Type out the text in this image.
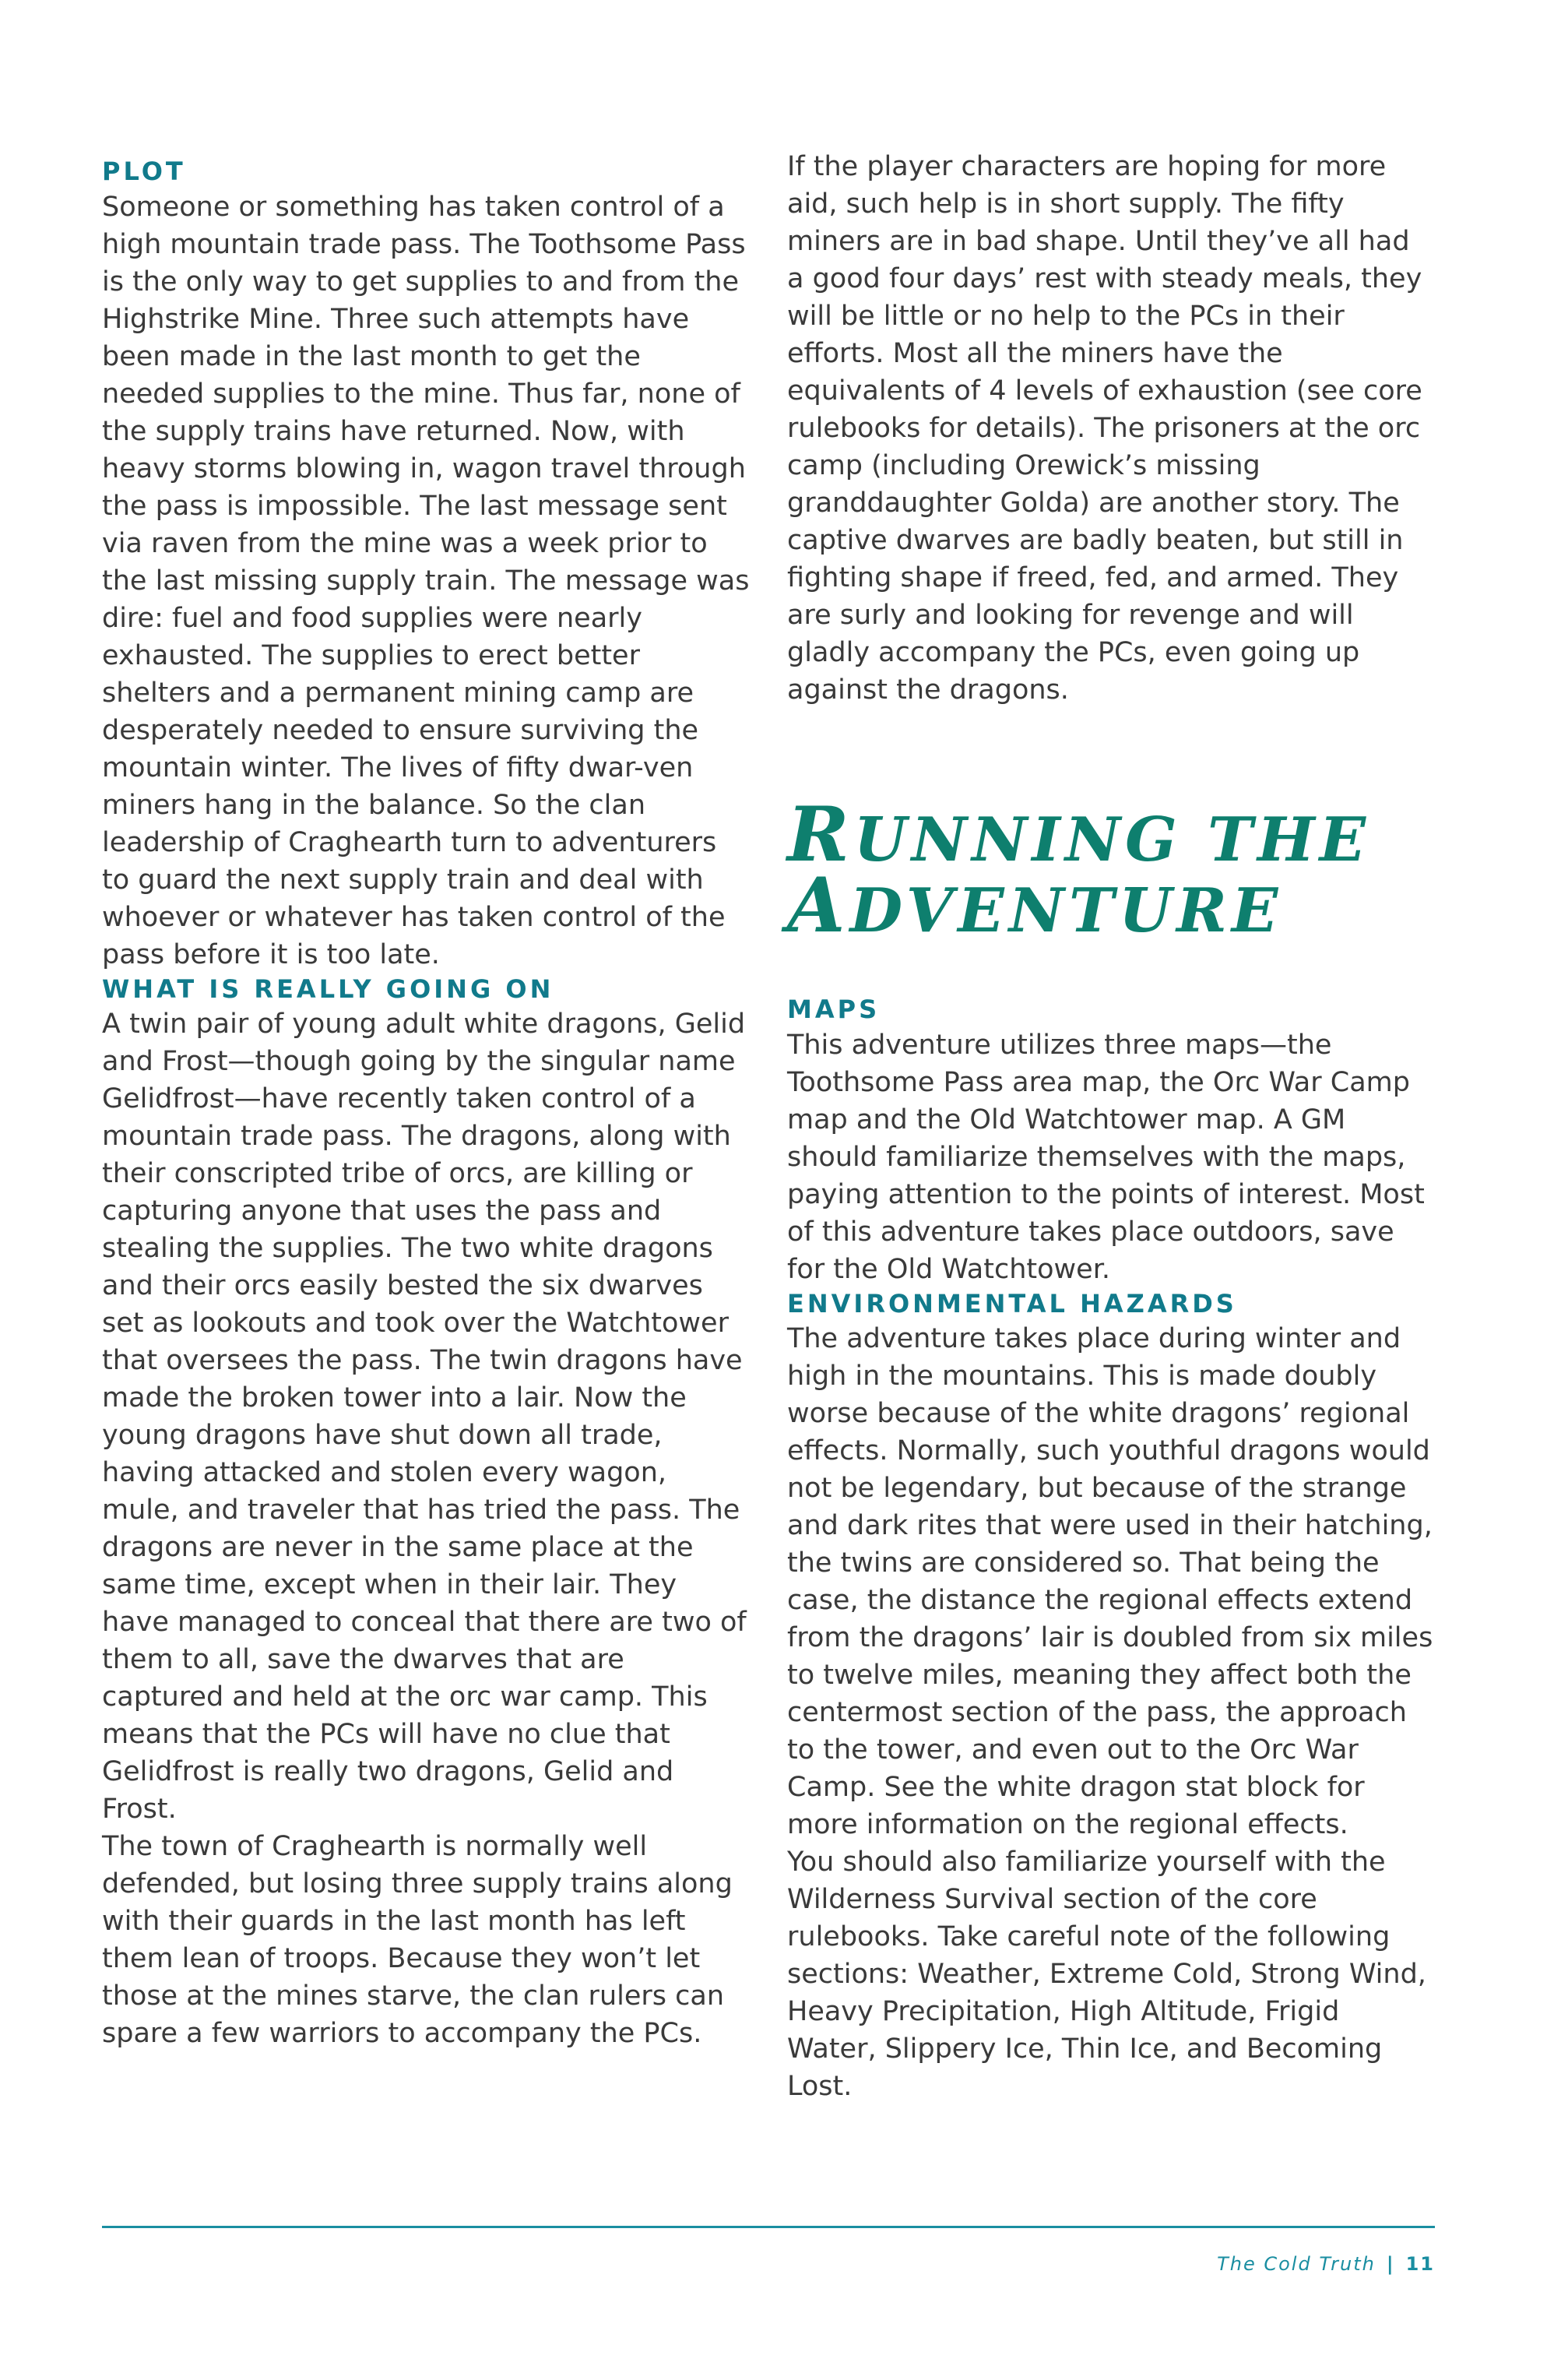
PLOT

Someone or something has taken control of a high mountain trade pass. The Toothsome Pass is the only way to get supplies to and from the Highstrike Mine. Three such attempts have been made in the last month to get the needed supplies to the mine. Thus far, none of the supply trains have returned. Now, with heavy storms blowing in, wagon travel through the pass is impossible. The last message sent via raven from the mine was a week prior to the last missing supply train. The message was dire: fuel and food supplies were nearly exhausted. The supplies to erect better shelters and a permanent mining camp are desperately needed to ensure surviving the mountain winter. The lives of fifty dwar-ven miners hang in the balance. So the clan leadership of Craghearth turn to adventurers to guard the next supply train and deal with whoever or whatever has taken control of the pass before it is too late.

WHAT IS REALLY GOING ON

A twin pair of young adult white dragons, Gelid and Frost—though going by the singular name Gelidfrost—have recently taken control of a mountain trade pass. The dragons, along with their conscripted tribe of orcs, are killing or capturing anyone that uses the pass and stealing the supplies. The two white dragons and their orcs easily bested the six dwarves set as lookouts and took over the Watchtower that oversees the pass. The twin dragons have made the broken tower into a lair. Now the young dragons have shut down all trade, having attacked and stolen every wagon, mule, and traveler that has tried the pass. The dragons are never in the same place at the same time, except when in their lair. They have managed to conceal that there are two of them to all, save the dwarves that are captured and held at the orc war camp. This means that the PCs will have no clue that Gelidfrost is really two dragons, Gelid and Frost.

The town of Craghearth is normally well defended, but losing three supply trains along with their guards in the last month has left them lean of troops. Because they won’t let those at the mines starve, the clan rulers can spare a few warriors to accompany the PCs.

If the player characters are hoping for more aid, such help is in short supply. The fifty miners are in bad shape. Until they’ve all had a good four days’ rest with steady meals, they will be little or no help to the PCs in their efforts. Most all the miners have the equivalents of 4 levels of exhaustion (see core rulebooks for details). The prisoners at the orc camp (including Orewick’s missing granddaughter Golda) are another story. The captive dwarves are badly beaten, but still in fighting shape if freed, fed, and armed. They are surly and looking for revenge and will gladly accompany the PCs, even going up against the dragons.

RUNNING THE
ADVENTURE
MAPS

This adventure utilizes three maps—the Toothsome Pass area map, the Orc War Camp map and the Old Watchtower map. A GM should familiarize themselves with the maps, paying attention to the points of interest. Most of this adventure takes place outdoors, save for the Old Watchtower.

ENVIRONMENTAL HAZARDS

The adventure takes place during winter and high in the mountains. This is made doubly worse because of the white dragons’ regional effects. Normally, such youthful dragons would not be legendary, but because of the strange and dark rites that were used in their hatching, the twins are considered so. That being the case, the distance the regional effects extend from the dragons’ lair is doubled from six miles to twelve miles, meaning they affect both the centermost section of the pass, the approach to the tower, and even out to the Orc War Camp. See the white dragon stat block for more information on the regional effects.

You should also familiarize yourself with the Wilderness Survival section of the core rulebooks. Take careful note of the following sections: Weather, Extreme Cold, Strong Wind, Heavy Precipitation, High Altitude, Frigid Water, Slippery Ice, Thin Ice, and Becoming Lost.

The Cold Truth | 11
